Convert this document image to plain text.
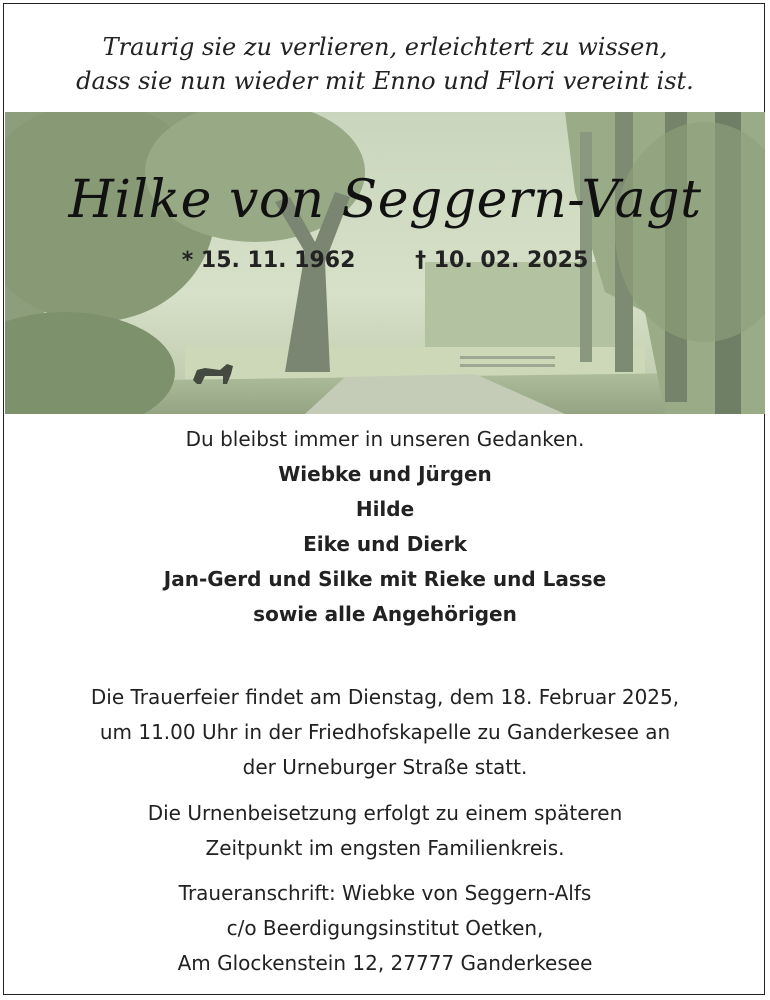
Traurig sie zu verlieren, erleichtert zu wissen,
dass sie nun wieder mit Enno und Flori vereint ist.
Hilke von Seggern-Vagt
* 15. 11. 1962	† 10. 02. 2025
Du bleibst immer in unseren Gedanken.
Wiebke und Jürgen
Hilde
Eike und Dierk
Jan-Gerd und Silke mit Rieke und Lasse
sowie alle Angehörigen
Die Trauerfeier findet am Dienstag, dem 18. Februar 2025,
um 11.00 Uhr in der Friedhofskapelle zu Ganderkesee an
der Urneburger Straße statt.
Die Urnenbeisetzung erfolgt zu einem späteren
Zeitpunkt im engsten Familienkreis.
Traueranschrift: Wiebke von Seggern-Alfs
c/o Beerdigungsinstitut Oetken,
Am Glockenstein 12, 27777 Ganderkesee
